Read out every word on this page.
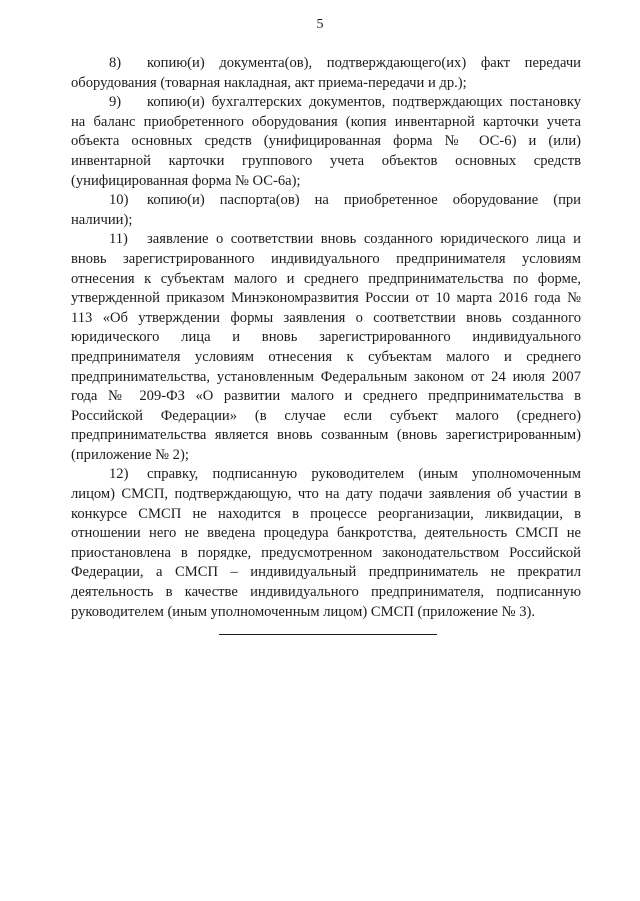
5

8) копию(и) документа(ов), подтверждающего(их) факт передачи оборудования (товарная накладная, акт приема-передачи и др.);

9) копию(и) бухгалтерских документов, подтверждающих постановку на баланс приобретенного оборудования (копия инвентарной карточки учета объекта основных средств (унифицированная форма № ОС-6) и (или) инвентарной карточки группового учета объектов основных средств (унифицированная форма № ОС-6а);

10) копию(и) паспорта(ов) на приобретенное оборудование (при наличии);

11) заявление о соответствии вновь созданного юридического лица и вновь зарегистрированного индивидуального предпринимателя условиям отнесения к субъектам малого и среднего предпринимательства по форме, утвержденной приказом Минэкономразвития России от 10 марта 2016 года № 113 «Об утверждении формы заявления о соответствии вновь созданного юридического лица и вновь зарегистрированного индивидуального предпринимателя условиям отнесения к субъектам малого и среднего предпринимательства, установленным Федеральным законом от 24 июля 2007 года № 209-ФЗ «О развитии малого и среднего предпринимательства в Российской Федерации» (в случае если субъект малого (среднего) предпринимательства является вновь созванным (вновь зарегистрированным) (приложение № 2);

12) справку, подписанную руководителем (иным уполномоченным лицом) СМСП, подтверждающую, что на дату подачи заявления об участии в конкурсе СМСП не находится в процессе реорганизации, ликвидации, в отношении него не введена процедура банкротства, деятельность СМСП не приостановлена в порядке, предусмотренном законодательством Российской Федерации, а СМСП – индивидуальный предприниматель не прекратил деятельность в качестве индивидуального предпринимателя, подписанную руководителем (иным уполномоченным лицом) СМСП (приложение № 3).
